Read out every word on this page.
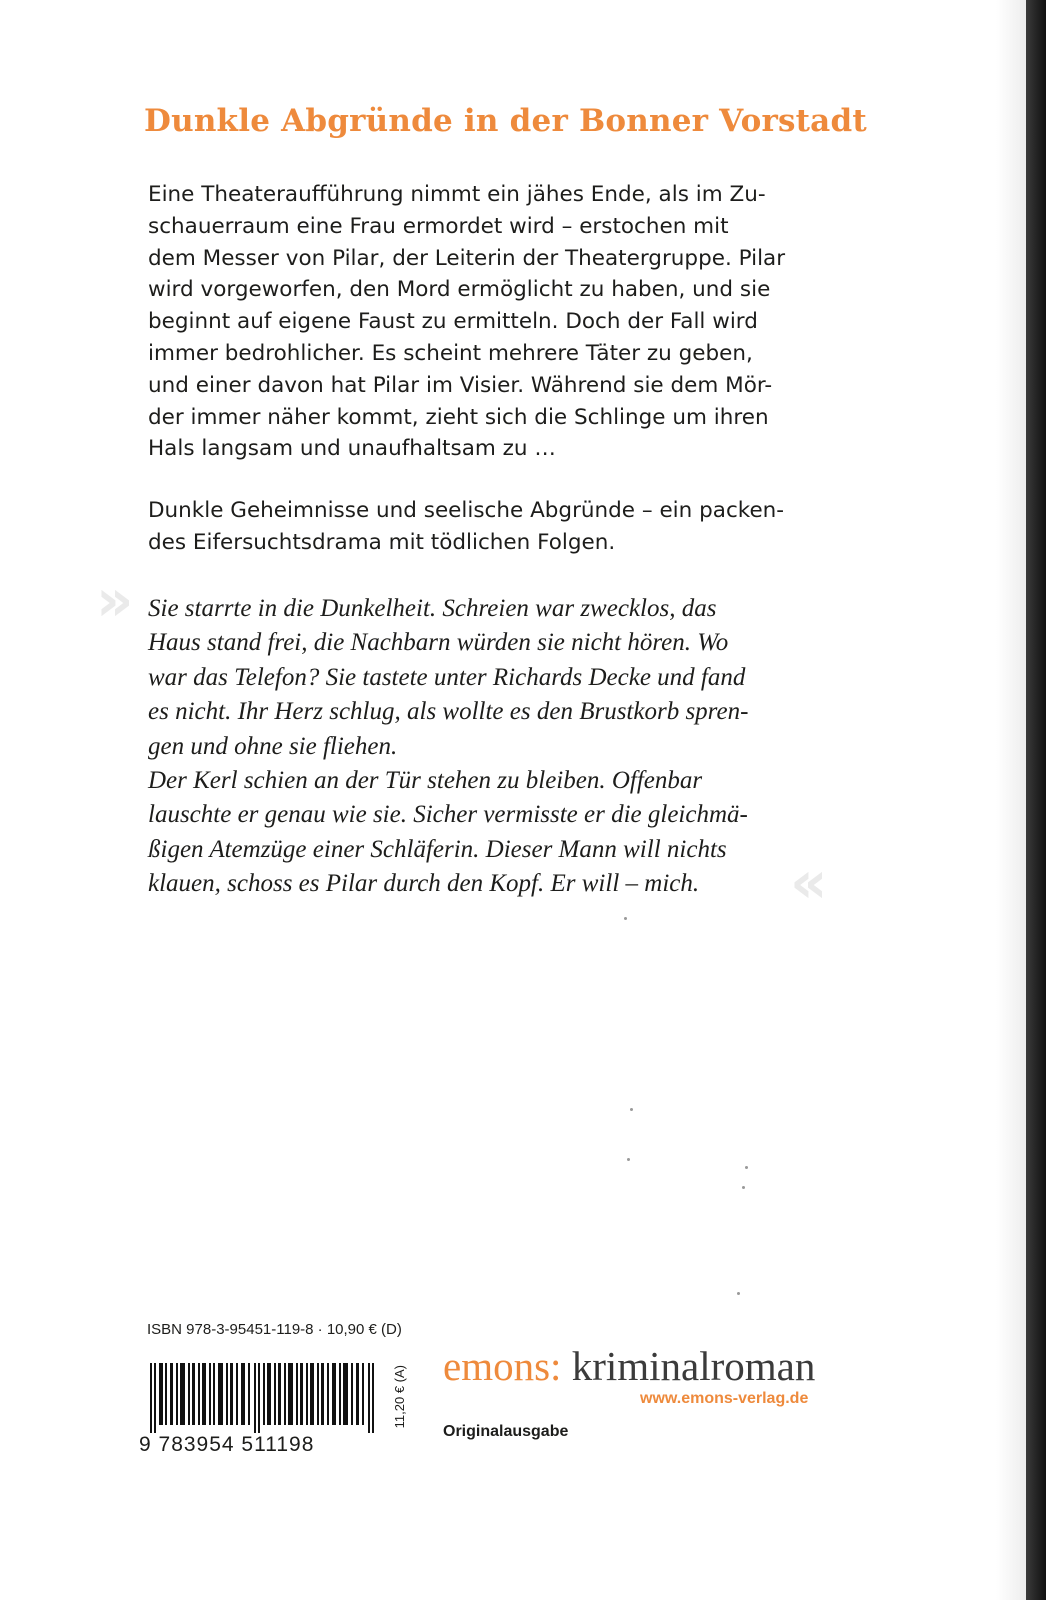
Dunkle Abgründe in der Bonner Vorstadt
Eine Theateraufführung nimmt ein jähes Ende, als im Zu-
schauerraum eine Frau ermordet wird – erstochen mit
dem Messer von Pilar, der Leiterin der Theatergruppe. Pilar
wird vorgeworfen, den Mord ermöglicht zu haben, und sie
beginnt auf eigene Faust zu ermitteln. Doch der Fall wird
immer bedrohlicher. Es scheint mehrere Täter zu geben,
und einer davon hat Pilar im Visier. Während sie dem Mör-
der immer näher kommt, zieht sich die Schlinge um ihren
Hals langsam und unaufhaltsam zu …
Dunkle Geheimnisse und seelische Abgründe – ein packen-
des Eifersuchtsdrama mit tödlichen Folgen.
»
«
Sie starrte in die Dunkelheit. Schreien war zwecklos, das
Haus stand frei, die Nachbarn würden sie nicht hören. Wo
war das Telefon? Sie tastete unter Richards Decke und fand
es nicht. Ihr Herz schlug, als wollte es den Brustkorb spren-
gen und ohne sie fliehen.
Der Kerl schien an der Tür stehen zu bleiben. Offenbar
lauschte er genau wie sie. Sicher vermisste er die gleichmä-
ßigen Atemzüge einer Schläferin. Dieser Mann will nichts
klauen, schoss es Pilar durch den Kopf. Er will – mich.
ISBN 978-3-95451-119-8 · 10,90 € (D)
9 783954 511198
11,20 € (A) emons: kriminalroman
www.emons-verlag.de
Originalausgabe
